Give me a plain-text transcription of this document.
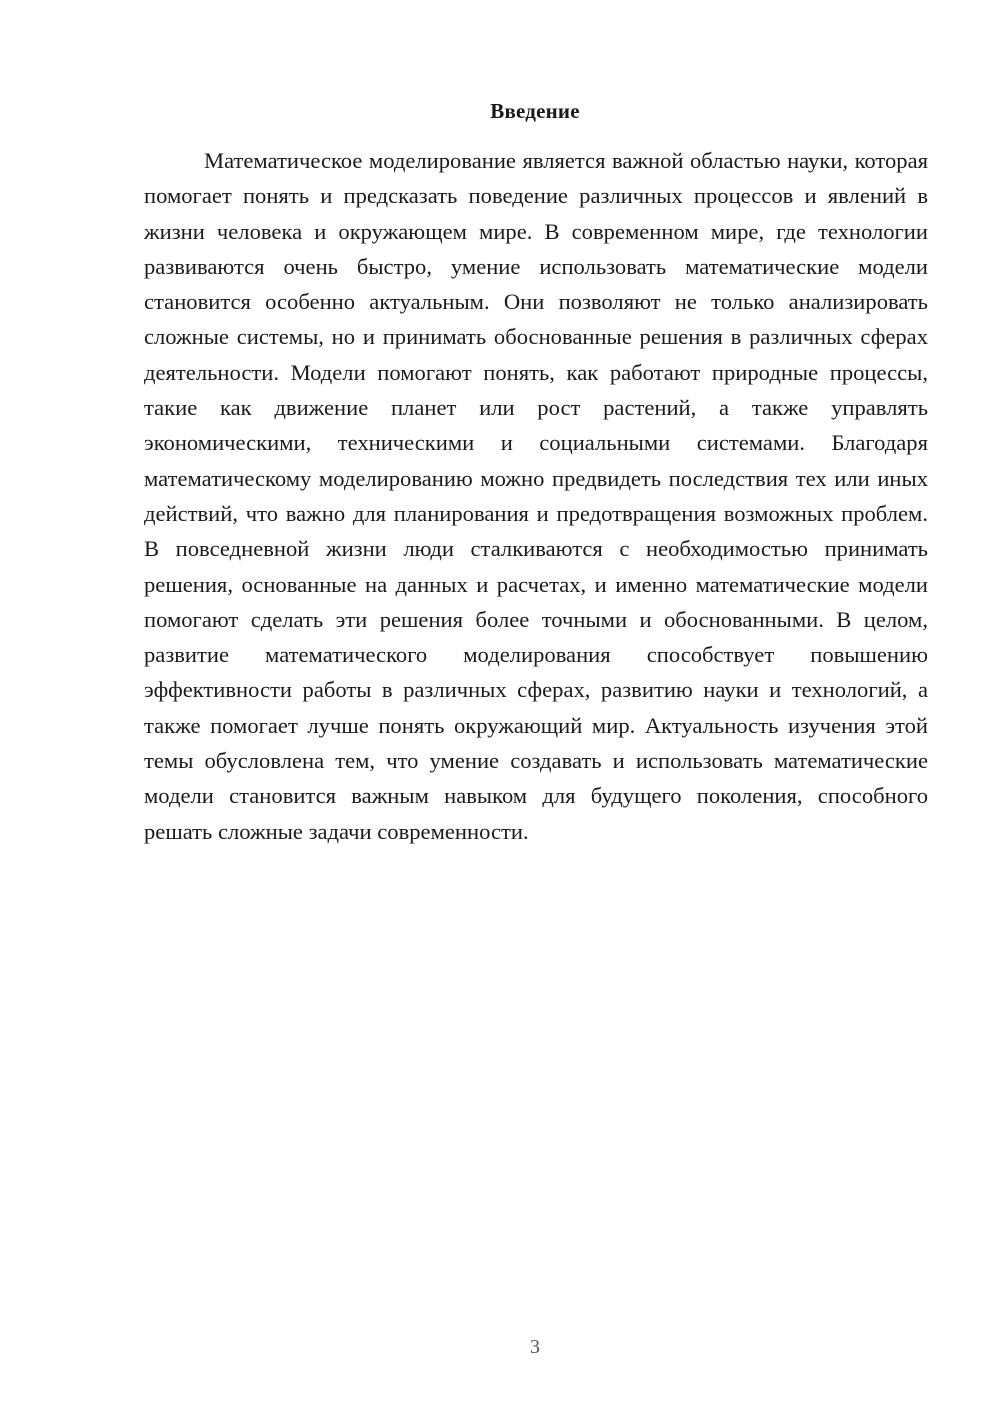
Введение

Математическое моделирование является важной областью науки, которая помогает понять и предсказать поведение различных процессов и явлений в жизни человека и окружающем мире. В современном мире, где технологии развиваются очень быстро, умение использовать математические модели становится особенно актуальным. Они позволяют не только анализировать сложные системы, но и принимать обоснованные решения в различных сферах деятельности. Модели помогают понять, как работают природные процессы, такие как движение планет или рост растений, а также управлять экономическими, техническими и социальными системами. Благодаря математическому моделированию можно предвидеть последствия тех или иных действий, что важно для планирования и предотвращения возможных проблем. В повседневной жизни люди сталкиваются с необходимостью принимать решения, основанные на данных и расчетах, и именно математические модели помогают сделать эти решения более точными и обоснованными. В целом, развитие математического моделирования способствует повышению эффективности работы в различных сферах, развитию науки и технологий, а также помогает лучше понять окружающий мир. Актуальность изучения этой темы обусловлена тем, что умение создавать и использовать математические модели становится важным навыком для будущего поколения, способного решать сложные задачи современности.

3
